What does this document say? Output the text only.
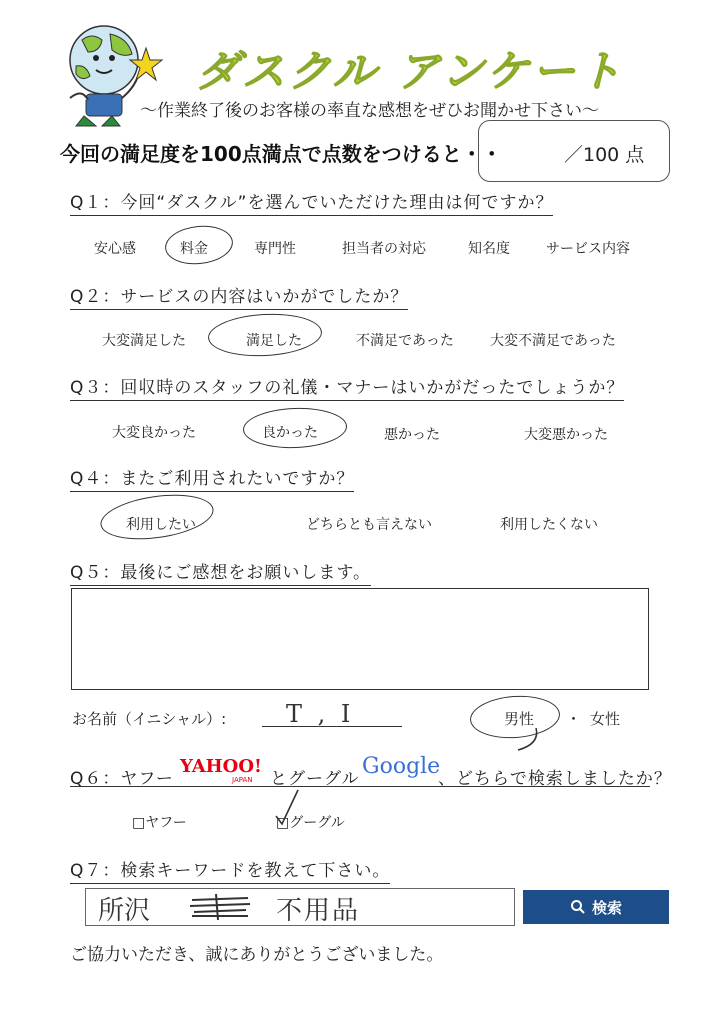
ダスクル アンケート
〜作業終了後のお客様の率直な感想をぜひお聞かせ下さい〜
今回の満足度を100点満点で点数をつけると・・	／100 点
Q１：今回“ダスクル”を選んでいただけた理由は何ですか？
安心感	料金	専門性	担当者の対応	知名度	サービス内容
Q２：サービスの内容はいかがでしたか？
大変満足した	満足した	不満足であった	大変不満足であった
Q３：回収時のスタッフの礼儀・マナーはいかがだったでしょうか？
大変良かった	良かった	悪かった	大変悪かった
Q４：またご利用されたいですか？
利用したい	どちらとも言えない	利用したくない
Q５：最後にご感想をお願いします。
お名前（イニシャル）: T , I	男性 ・ 女性
Q６：ヤフー
YAHOO!
JAPAN とグーグル Google
、どちらで検索しましたか？
□ヤフー	□グーグル
Q７：検索キーワードを教えて下さい。
所沢	不用品	検索
ご協力いただき、誠にありがとうございました。
